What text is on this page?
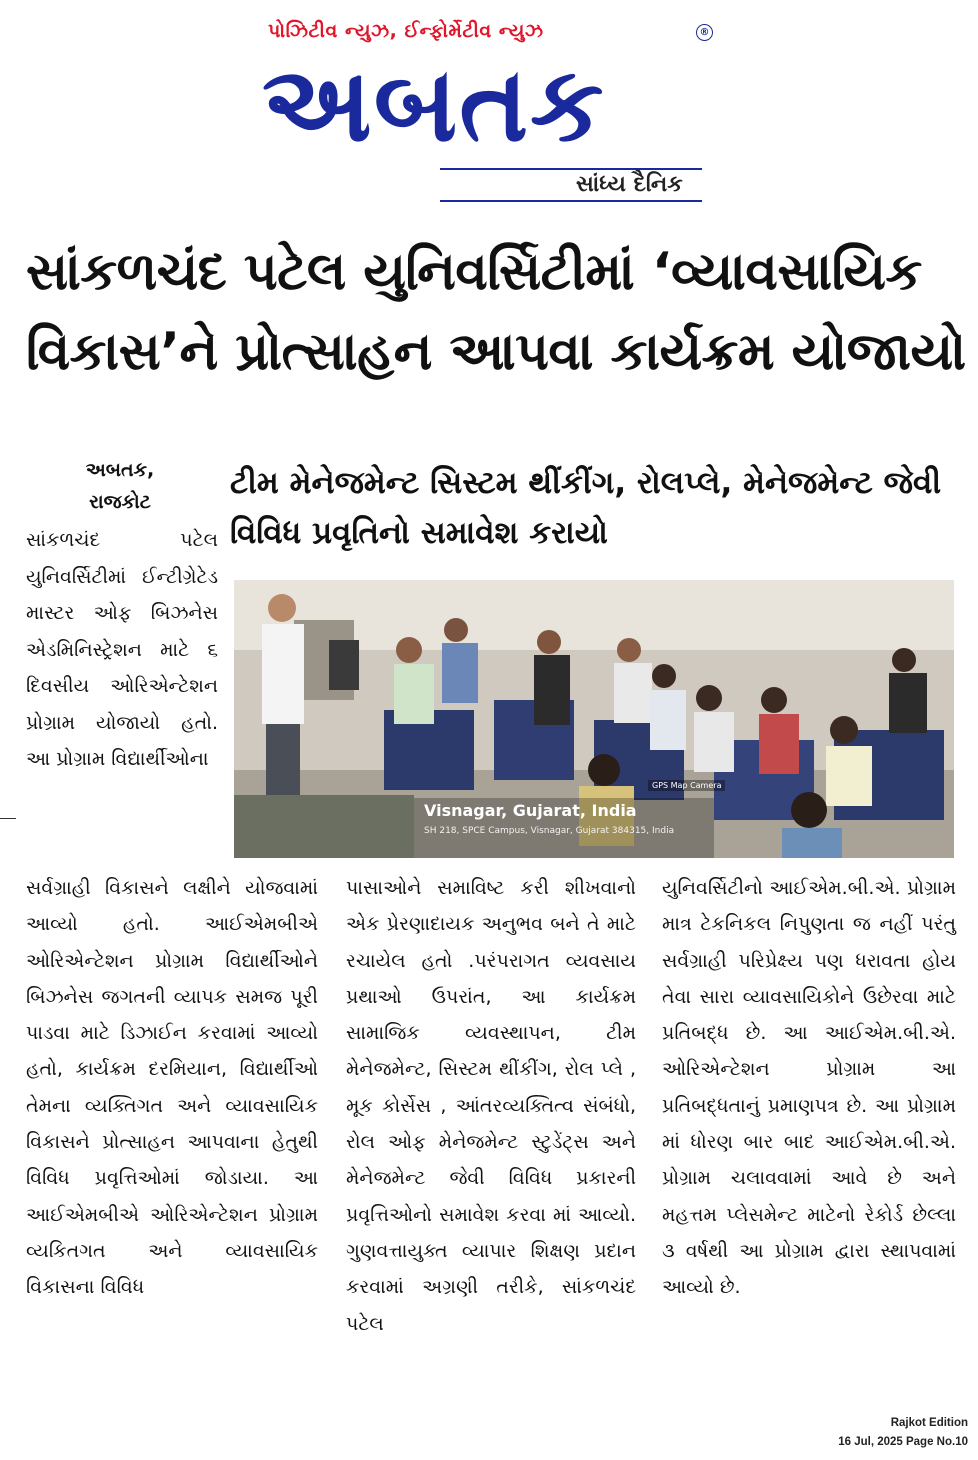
પોઝિટીવ ન્યુઝ, ઈન્ફોર્મેટીવ ન્યુઝ
અબતક
®
સાંધ્ય દૈનિક
સાંકળચંદ પટેલ યુનિવર્સિટીમાં ‘વ્યાવસાયિક વિકાસ’ને પ્રોત્સાહન આપવા કાર્યક્રમ યોજાયો
અબતક,
રાજકોટ
ટીમ મેનેજમેન્ટ સિસ્ટમ થીંકીંગ, રોલપ્લે, મેનેજમેન્ટ જેવી વિવિધ પ્રવૃતિનો સમાવેશ કરાયો
સાંકળચંદ પટેલ યુનિવર્સિટીમાં ઈન્ટીગ્રેટેડ માસ્ટર ઓફ બિઝનેસ એડમિનિસ્ટ્રેશન માટે ૬ દિવસીય ઓરિએન્ટેશન પ્રોગ્રામ યોજાયો હતો. આ પ્રોગ્રામ વિદ્યાર્થીઓના
GPS Map Camera
Visnagar, Gujarat, India
SH 218, SPCE Campus, Visnagar, Gujarat 384315, India
સર્વગ્રાહી વિકાસને લક્ષીને યોજવામાં આવ્યો હતો. આઈએમબીએ ઓરિએન્ટેશન પ્રોગ્રામ વિદ્યાર્થીઓને બિઝનેસ જગતની વ્યાપક સમજ પૂરી પાડવા માટે ડિઝાઈન કરવામાં આવ્યો હતો, કાર્યક્રમ દરમિયાન, વિદ્યાર્થીઓ તેમના વ્યક્તિગત અને વ્યાવસાયિક વિકાસને પ્રોત્સાહન આપવાના હેતુથી વિવિધ પ્રવૃત્તિઓમાં જોડાયા. આ આઈએમબીએ ઓરિએન્ટેશન પ્રોગ્રામ વ્યકિતગત અને વ્યાવસાયિક વિકાસના વિવિધ
પાસાઓને સમાવિષ્ટ કરી શીખવાનો એક પ્રેરણાદાયક અનુભવ બને તે માટે રચાયેલ હતો .પરંપરાગત વ્યવસાય પ્રથાઓ ઉપરાંત, આ કાર્યક્રમ સામાજિક વ્યવસ્થાપન, ટીમ મેનેજમેન્ટ, સિસ્ટમ થીંકીંગ, રોલ પ્લે , મૂક કોર્સેસ , આંતરવ્યક્તિત્વ સંબંધો, રોલ ઓફ મેનેજમેન્ટ સ્ટુડેંટ્સ અને મેનેજમેન્ટ જેવી વિવિધ પ્રકારની પ્રવૃત્તિઓનો સમાવેશ કરવા માં આવ્યો. ગુણવત્તાયુક્ત વ્યાપાર શિક્ષણ પ્રદાન કરવામાં અગ્રણી તરીકે, સાંકળચંદ પટેલ
યુનિવર્સિટીનો આઈએમ.બી.એ. પ્રોગ્રામ માત્ર ટેકનિકલ નિપુણતા જ નહીં પરંતુ સર્વગ્રાહી પરિપ્રેક્ષ્ય પણ ધરાવતા હોય તેવા સારા વ્યાવસાયિકોને ઉછેરવા માટે પ્રતિબદ્ધ છે. આ આઈએમ.બી.એ. ઓરિએન્ટેશન પ્રોગ્રામ આ પ્રતિબદ્ધતાનું પ્રમાણપત્ર છે. આ પ્રોગ્રામ માં ધોરણ બાર બાદ આઈએમ.બી.એ. પ્રોગ્રામ ચલાવવામાં આવે છે અને મહત્તમ પ્લેસમેન્ટ માટેનો રેકોર્ડ છેલ્લા ૩ વર્ષથી આ પ્રોગ્રામ દ્વારા સ્થાપવામાં આવ્યો છે.
Rajkot Edition
16 Jul, 2025 Page No.10
